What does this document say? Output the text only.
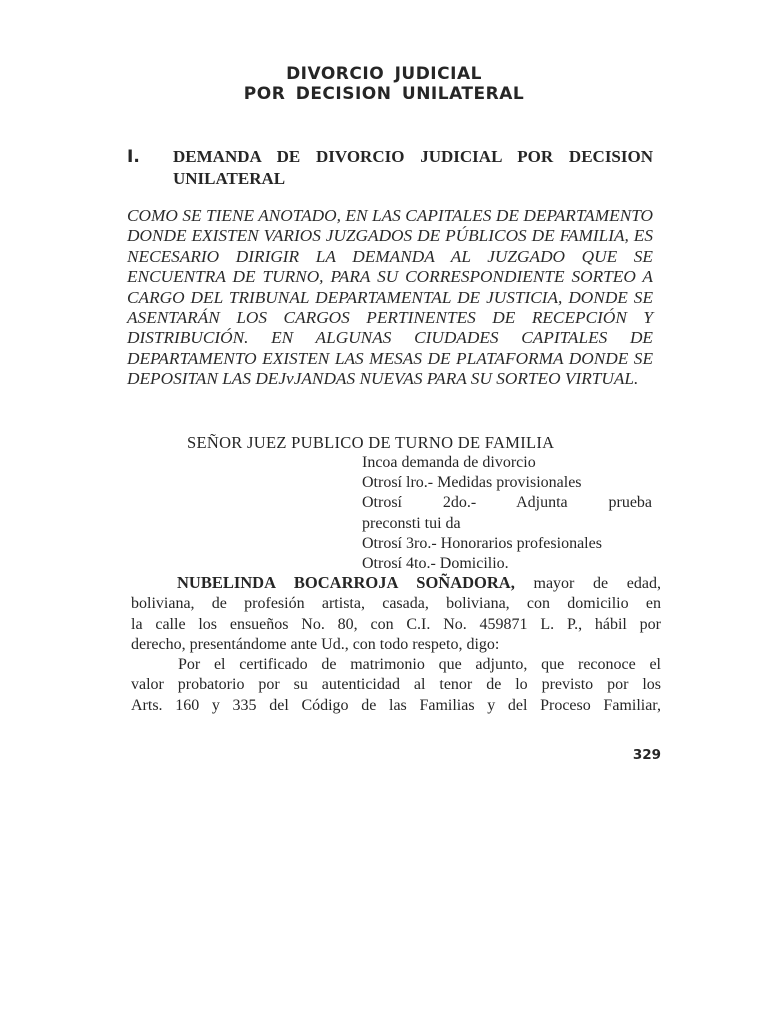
DIVORCIO JUDICIAL
POR DECISION UNILATERAL
I. DEMANDA DE DIVORCIO JUDICIAL POR DECISION UNILATERAL
COMO SE TIENE ANOTADO, EN LAS CAPITALES DE DEPARTAMENTO DONDE EXISTEN VARIOS JUZGADOS DE PÚBLICOS DE FAMILIA, ES NECESARIO DIRIGIR LA DEMANDA AL JUZGADO QUE SE ENCUENTRA DE TURNO, PARA SU CORRESPONDIENTE SORTEO A CARGO DEL TRIBUNAL DEPARTAMENTAL DE JUSTICIA, DONDE SE ASENTARÁN LOS CARGOS PERTINENTES DE RECEPCIÓN Y DISTRIBUCIÓN. EN ALGUNAS CIUDADES CAPITALES DE DEPARTAMENTO EXISTEN LAS MESAS DE PLATAFORMA DONDE SE DEPOSITAN LAS DEJvJANDAS NUEVAS PARA SU SORTEO VIRTUAL.
SEÑOR JUEZ PUBLICO DE TURNO DE FAMILIA
Incoa demanda de divorcio
Otrosí lro.- Medidas provisionales
Otrosí	2do.- Adjunta	prueba
preconsti tui da
Otrosí 3ro.- Honorarios profesionales
Otrosí 4to.- Domicilio.
NUBELINDA BOCARROJA SOÑADORA, mayor de edad,
boliviana, de profesión artista, casada, boliviana, con domicilio en
la calle los ensueños No. 80, con C.I. No. 459871 L. P., hábil por
derecho, presentándome ante Ud., con todo respeto, digo:
Por el certificado de matrimonio que adjunto, que reconoce el
valor probatorio por su autenticidad al tenor de lo previsto por los
Arts. 160 y 335 del Código de las Familias y del Proceso Familiar,
329
